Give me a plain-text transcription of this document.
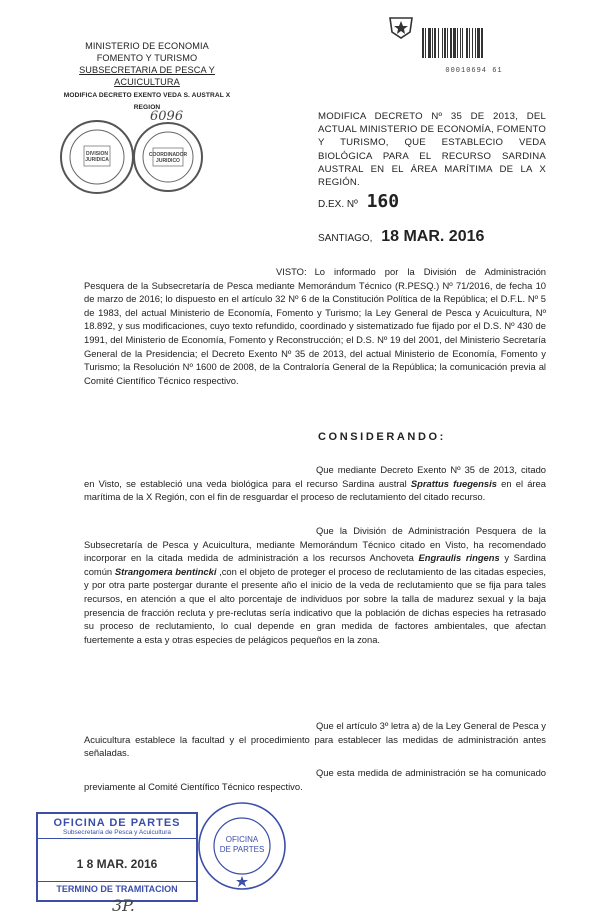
MINISTERIO DE ECONOMIA
FOMENTO Y TURISMO
SUBSECRETARIA DE PESCA Y ACUICULTURA
MODIFICA DECRETO EXENTO VEDA S. AUSTRAL X REGION
00010694 61
6096
DIVISION
JURIDICA
COORDINADOR
JURIDICO
MODIFICA DECRETO Nº 35 DE 2013, DEL ACTUAL MINISTERIO DE ECONOMÍA, FOMENTO Y TURISMO, QUE ESTABLECIO VEDA BIOLÓGICA PARA EL RECURSO SARDINA AUSTRAL EN EL ÁREA MARÍTIMA DE LA X REGIÓN.
D.EX. Nº 160
SANTIAGO, 18 MAR. 2016
VISTO: Lo informado por la División de Administración Pesquera de la Subsecretaría de Pesca mediante Memorándum Técnico (R.PESQ.) Nº 71/2016, de fecha 10 de marzo de 2016; lo dispuesto en el artículo 32 Nº 6 de la Constitución Política de la República; el D.F.L. Nº 5 de 1983, del actual Ministerio de Economía, Fomento y Turismo; la Ley General de Pesca y Acuicultura, Nº 18.892, y sus modificaciones, cuyo texto refundido, coordinado y sistematizado fue fijado por el D.S. Nº 430 de 1991, del Ministerio de Economía, Fomento y Reconstrucción; el D.S. Nº 19 del 2001, del Ministerio Secretaría General de la Presidencia; el Decreto Exento Nº 35 de 2013, del actual Ministerio de Economía, Fomento y Turismo; la Resolución Nº 1600 de 2008, de la Contraloría General de la República; la comunicación previa al Comité Científico Técnico respectivo.
CONSIDERANDO:
Que mediante Decreto Exento Nº 35 de 2013, citado en Visto, se estableció una veda biológica para el recurso Sardina austral Sprattus fuegensis en el área marítima de la X Región, con el fin de resguardar el proceso de reclutamiento del citado recurso.
Que la División de Administración Pesquera de la Subsecretaría de Pesca y Acuicultura, mediante Memorándum Técnico citado en Visto, ha recomendado incorporar en la citada medida de administración a los recursos Anchoveta Engraulis ringens y Sardina común Strangomera bentincki ,con el objeto de proteger el proceso de reclutamiento de las citadas especies, y por otra parte postergar durante el presente año el inicio de la veda de reclutamiento que se fija para tales recursos, en atención a que el alto porcentaje de individuos por sobre la talla de madurez sexual y la baja presencia de fracción recluta y pre-reclutas sería indicativo que la población de dichas especies ha retrasado su proceso de reclutamiento, lo cual depende en gran medida de factores ambientales, que afectan fuertemente a esta y otras especies de pelágicos pequeños en la zona.
Que el artículo 3º letra a) de la Ley General de Pesca y Acuicultura establece la facultad y el procedimiento para establecer las medidas de administración antes señaladas.
Que esta medida de administración se ha comunicado previamente al Comité Científico Técnico respectivo.
OFICINA DE PARTES
Subsecretaría de Pesca y Acuicultura
1 8 MAR. 2016
TERMINO DE TRAMITACION
OFICINA
DE PARTES
3P.
